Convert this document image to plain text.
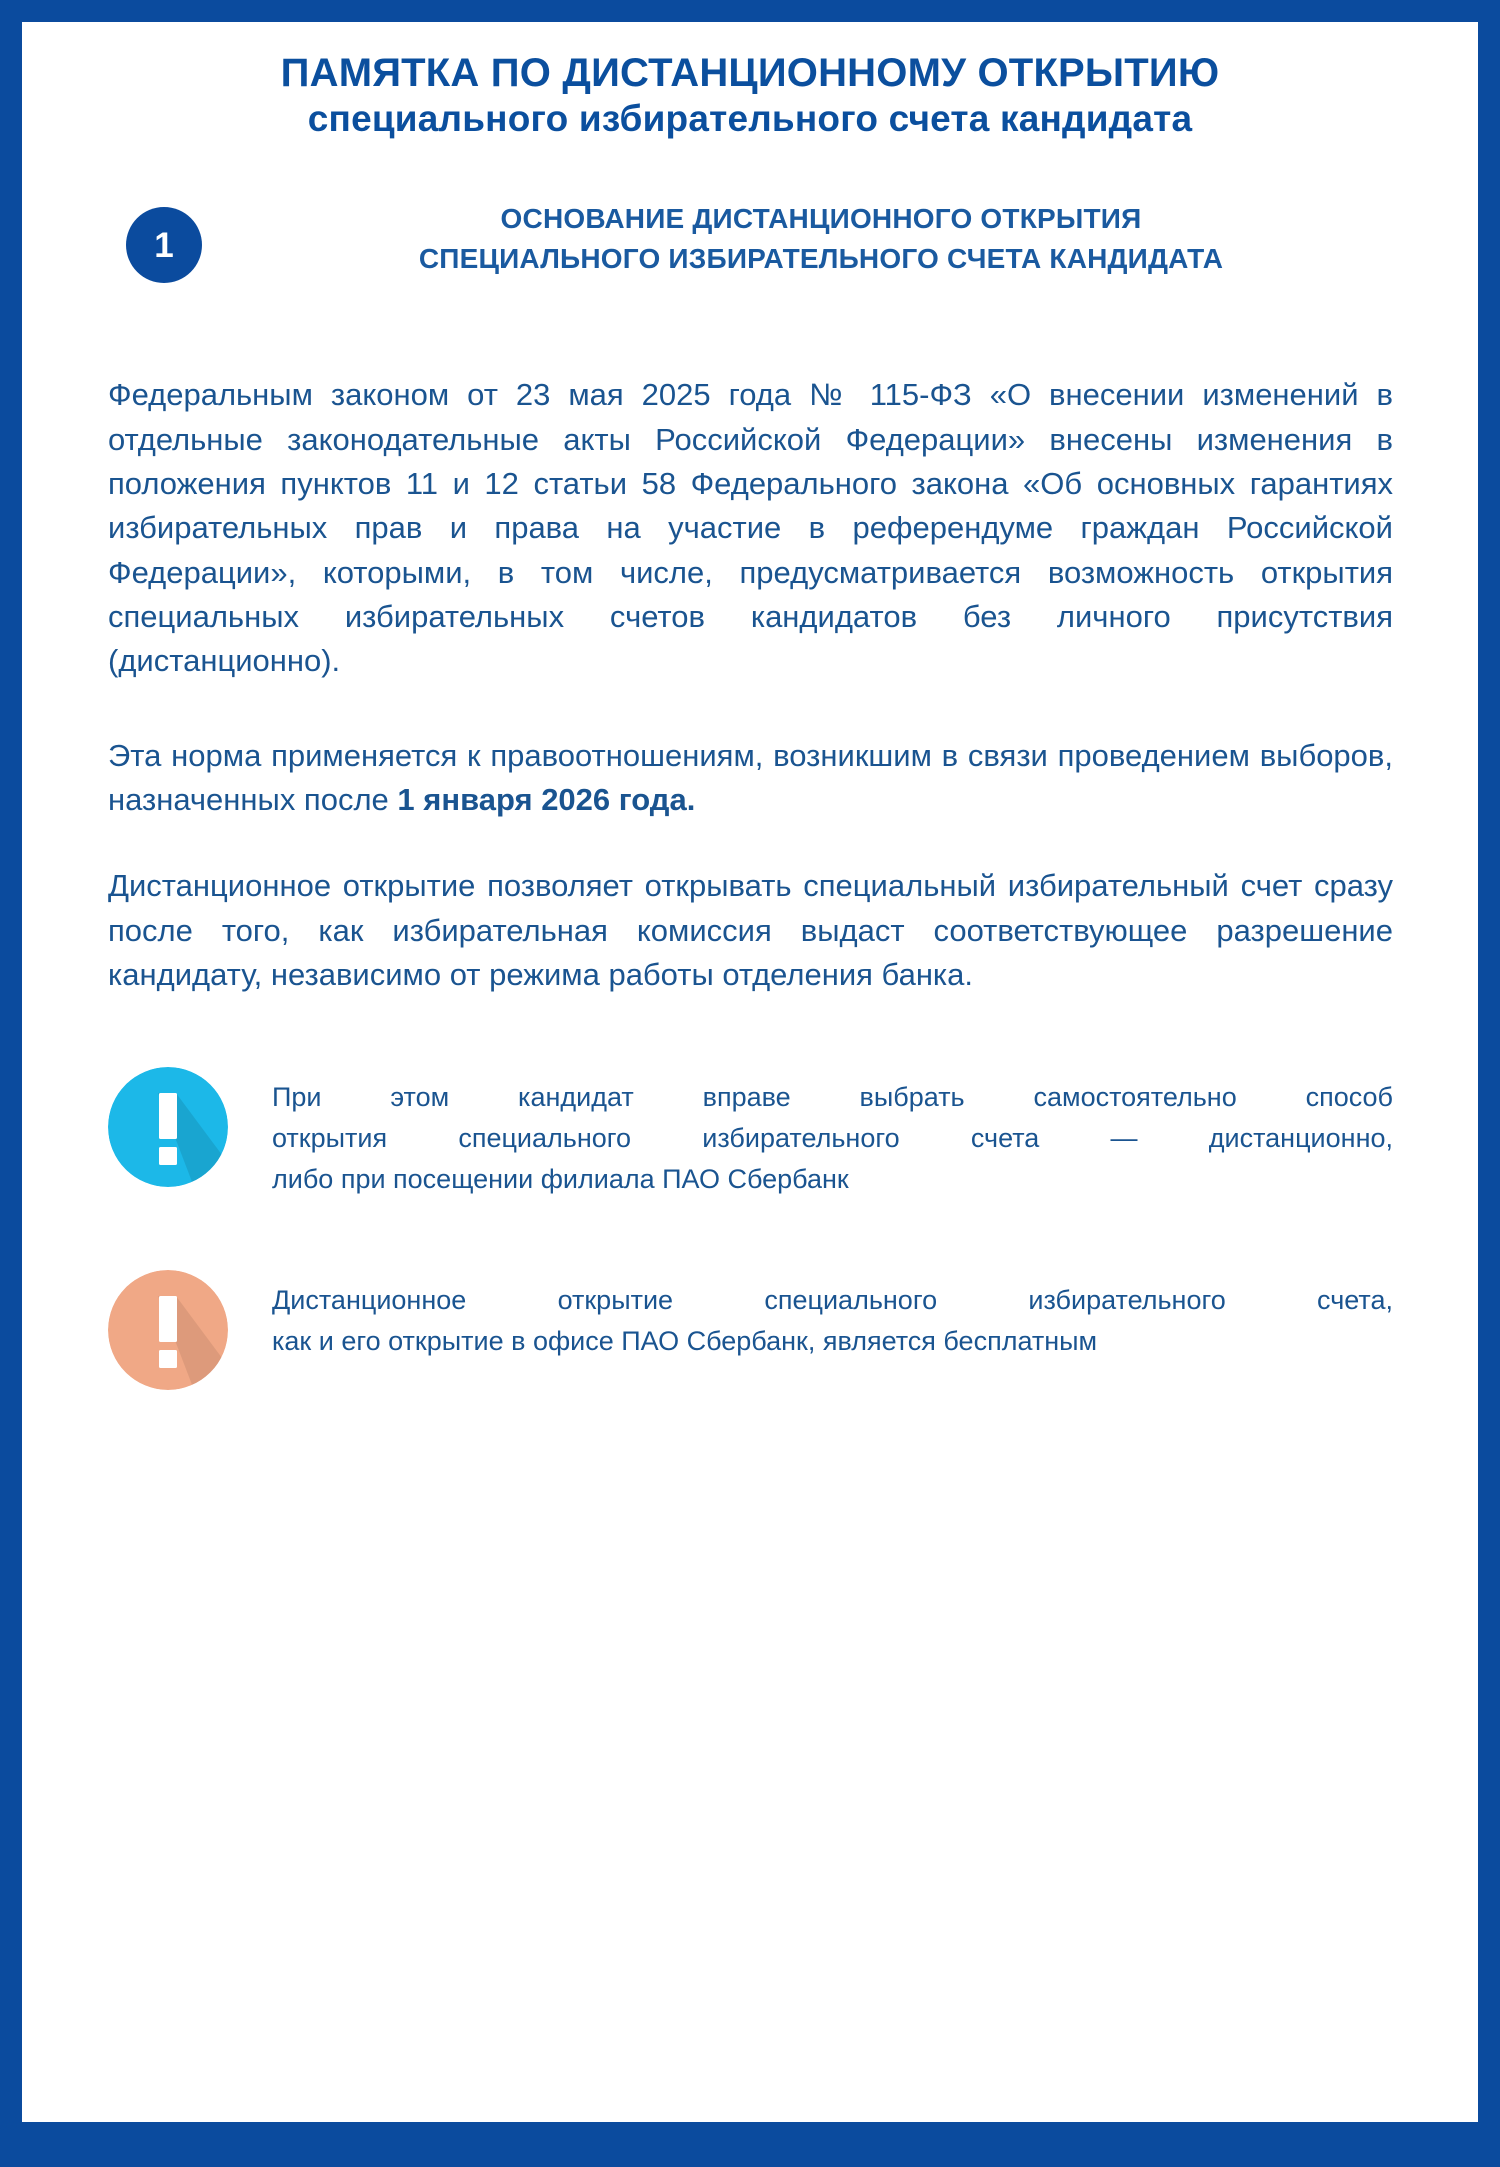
ПАМЯТКА ПО ДИСТАНЦИОННОМУ ОТКРЫТИЮ
специального избирательного счета кандидата
1
ОСНОВАНИЕ ДИСТАНЦИОННОГО ОТКРЫТИЯ
СПЕЦИАЛЬНОГО ИЗБИРАТЕЛЬНОГО СЧЕТА КАНДИДАТА

Федеральным законом от 23 мая 2025 года № 115-ФЗ «О внесении изменений в отдельные законодательные акты Российской Федерации» внесены изменения в положения пунктов 11 и 12 статьи 58 Федерального закона «Об основных гарантиях избирательных прав и права на участие в референдуме граждан Российской Федерации», которыми, в том числе, предусматривается возможность открытия специальных избирательных счетов кандидатов без личного присутствия (дистанционно).

Эта норма применяется к правоотношениям, возникшим в связи проведением выборов, назначенных после 1 января 2026 года.

Дистанционное открытие позволяет открывать специальный избирательный счет сразу после того, как избирательная комиссия выдаст соответствующее разрешение кандидату, независимо от режима работы отделения банка.

При этом кандидат вправе выбрать самостоятельно способ
открытия специального избирательного счета — дистанционно,
либо при посещении филиала ПАО Сбербанк
Дистанционное открытие специального избирательного счета,
как и его открытие в офисе ПАО Сбербанк, является бесплатным
